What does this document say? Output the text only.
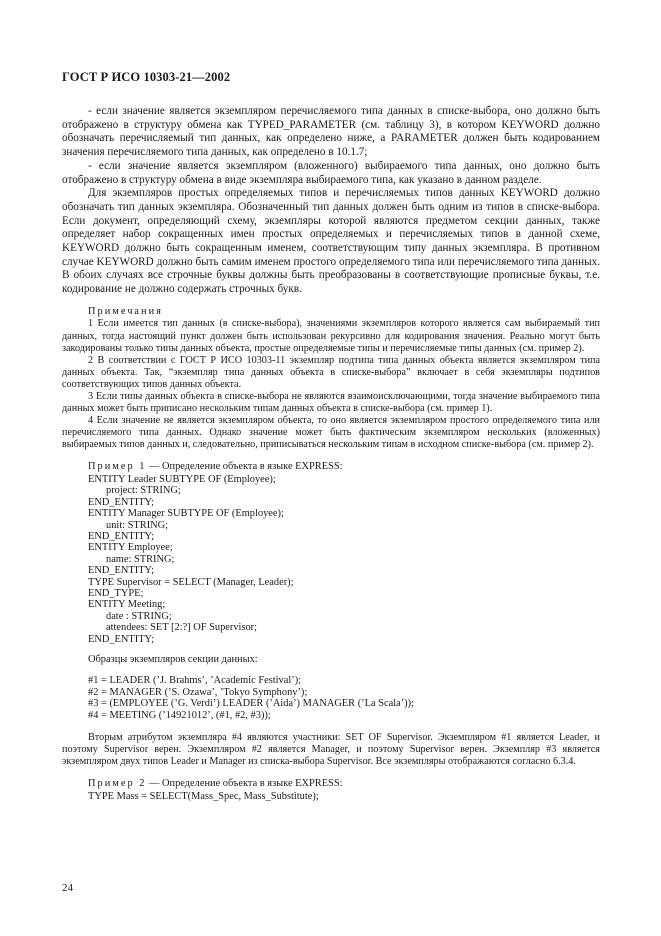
ГОСТ Р ИСО 10303-21—2002

- если значение является экземпляром перечисляемого типа данных в списке-выбора, оно должно быть отображено в структуру обмена как TYPED_PARAMETER (см. таблицу 3), в котором KEYWORD должно обозначать перечисляемый тип данных, как определено ниже, а PARAMETER должен быть кодированием значения перечисляемого типа данных, как определено в 10.1.7;

- если значение является экземпляром (вложенного) выбираемого типа данных, оно должно быть отображено в структуру обмена в виде экземпляра выбираемого типа, как указано в данном разделе.

Для экземпляров простых определяемых типов и перечисляемых типов данных KEYWORD должно обозначать тип данных экземпляра. Обозначенный тип данных должен быть одним из типов в списке-выбора. Если документ, определяющий схему, экземпляры которой являются предметом секции данных, также определяет набор сокращенных имен простых определяемых и перечисляемых типов в данной схеме, KEYWORD должно быть сокращенным именем, соответствующим типу данных экземпляра. В противном случае KEYWORD должно быть самим именем простого определяемого типа или перечисляемого типа данных. В обоих случаях все строчные буквы должны быть преобразованы в соответствующие прописные буквы, т.е. кодирование не должно содержать строчных букв.

Примечания

1 Если имеется тип данных (в списке-выбора), значениями экземпляров которого является сам выбираемый тип данных, тогда настоящий пункт должен быть использован рекурсивно для кодирования значения. Реально могут быть закодированы только типы данных объекта, простые определяемые типы и перечисляемые типы данных (см. пример 2).

2 В соответствии с ГОСТ Р ИСО 10303-11 экземпляр подтипа типа данных объекта является экземпляром типа данных объекта. Так, “экземпляр типа данных объекта в списке-выбора” включает в себя экземпляры подтипов соответствующих типов данных объекта.

3 Если типы данных объекта в списке-выбора не являются взаимоисключающими, тогда значение выбираемого типа данных может быть приписано нескольким типам данных объекта в списке-выбора (см. пример 1).

4 Если значение не является экземпляром объекта, то оно является экземпляром простого определяемого типа или перечисляемого типа данных. Однако значение может быть фактическим экземпляром нескольких (вложенных) выбираемых типов данных и, следовательно, приписываться нескольким типам в исходном списке-выбора (см. пример 2).

Пример 1 — Определение объекта в языке EXPRESS:

ENTITY Leader SUBTYPE OF (Employee);
project: STRING;
END_ENTITY;
ENTITY Manager SUBTYPE OF (Employee);
unit: STRING;
END_ENTITY;
ENTITY Employee;
name: STRING;
END_ENTITY;
TYPE Supervisor = SELECT (Manager, Leader);
END_TYPE;
ENTITY Meeting;
date : STRING;
attendees: SET [2:?] OF Supervisor;
END_ENTITY;

Образцы экземпляров секции данных:

#1 = LEADER (’J. Brahms’, ’Academic Festival’);
#2 = MANAGER (’S. Ozawa’, ’Tokyo Symphony’);
#3 = (EMPLOYEE (’G. Verdi’) LEADER (’Aida’) MANAGER (’La Scala’));
#4 = MEETING (’14921012’, (#1, #2, #3));

Вторым атрибутом экземпляра #4 являются участники: SET OF Supervisor. Экземпляром #1 является Leader, и поэтому Supervisor верен. Экземпляром #2 является Manager, и поэтому Supervisor верен. Экземпляр #3 является экземпляром двух типов Leader и Manager из списка-выбора Supervisor. Все экземпляры отображаются согласно 6.3.4.

Пример 2 — Определение объекта в языке EXPRESS:

TYPE Mass = SELECT(Mass_Spec, Mass_Substitute);
24
